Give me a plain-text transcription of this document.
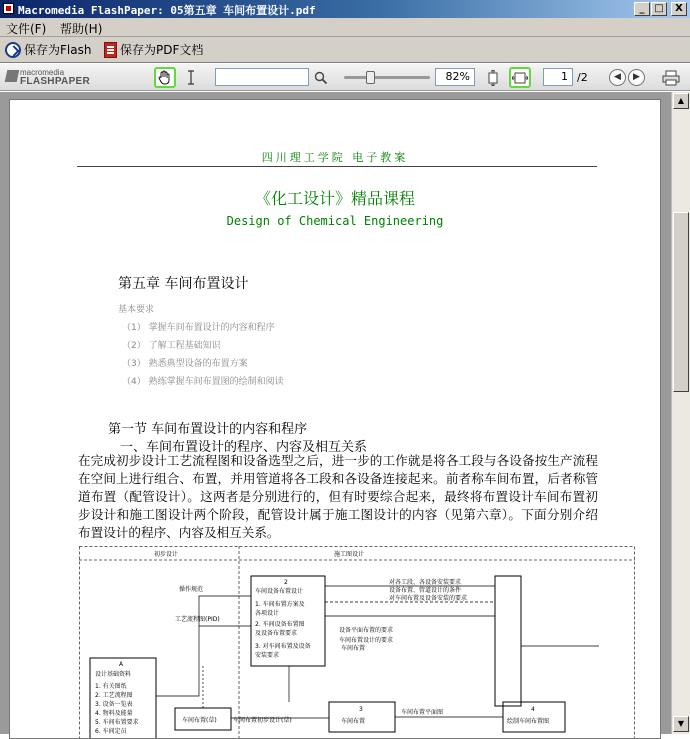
Macromedia FlashPaper: 05第五章 车间布置设计.pdf	_ □	X
文件(F) 帮助(H)
保存为Flash 保存为PDF文档
macromedia
FLASHPAPER	82%	1 /2	◀	▶
四川理工学院 电子教案
《化工设计》精品课程
Design of Chemical Engineering
第五章 车间布置设计
基本要求
（1） 掌握车间布置设计的内容和程序
（2） 了解工程基础知识
（3） 熟悉典型设备的布置方案
（4） 熟练掌握车间布置图的绘制和阅读
第一节 车间布置设计的内容和程序
一、车间布置设计的程序、内容及相互关系
在完成初步设计工艺流程图和设备选型之后，进一步的工作就是将各工段与各设备按生产流程在空间上进行组合、布置，并用管道将各工段和各设备连接起来。前者称车间布置，后者称管道布置（配管设计）。这两者是分别进行的，但有时要综合起来，最终将布置设计车间布置初步设计和施工图设计两个阶段，配管设计属于施工图设计的内容（见第六章）。下面分别介绍布置设计的程序、内容及相互关系。
初步设计	施工图设计
A
设计基础资料
1. 有关图纸
2. 工艺流程图
3. 设备一览表
4. 物料及能量
5. 车间布置要求
6. 车间定员
2
车间设备布置设计
1. 车间布置方案及
各项设计
2. 车间设备布置图
及设备布置要求
3. 对车间布置及设备
安装要求
车间布置(草)
3
车间布置
4
绘制车间布置图
操作规范
工艺流程图(PID)
设备平面布置的要求
车间布置设计的要求
车间布置
对各工段、各设备安装要求
设备布置、管道设计的条件
对车间布置及设备安装的要求
车间布置初步设计(草)
车间布置平面图
▲
▼
